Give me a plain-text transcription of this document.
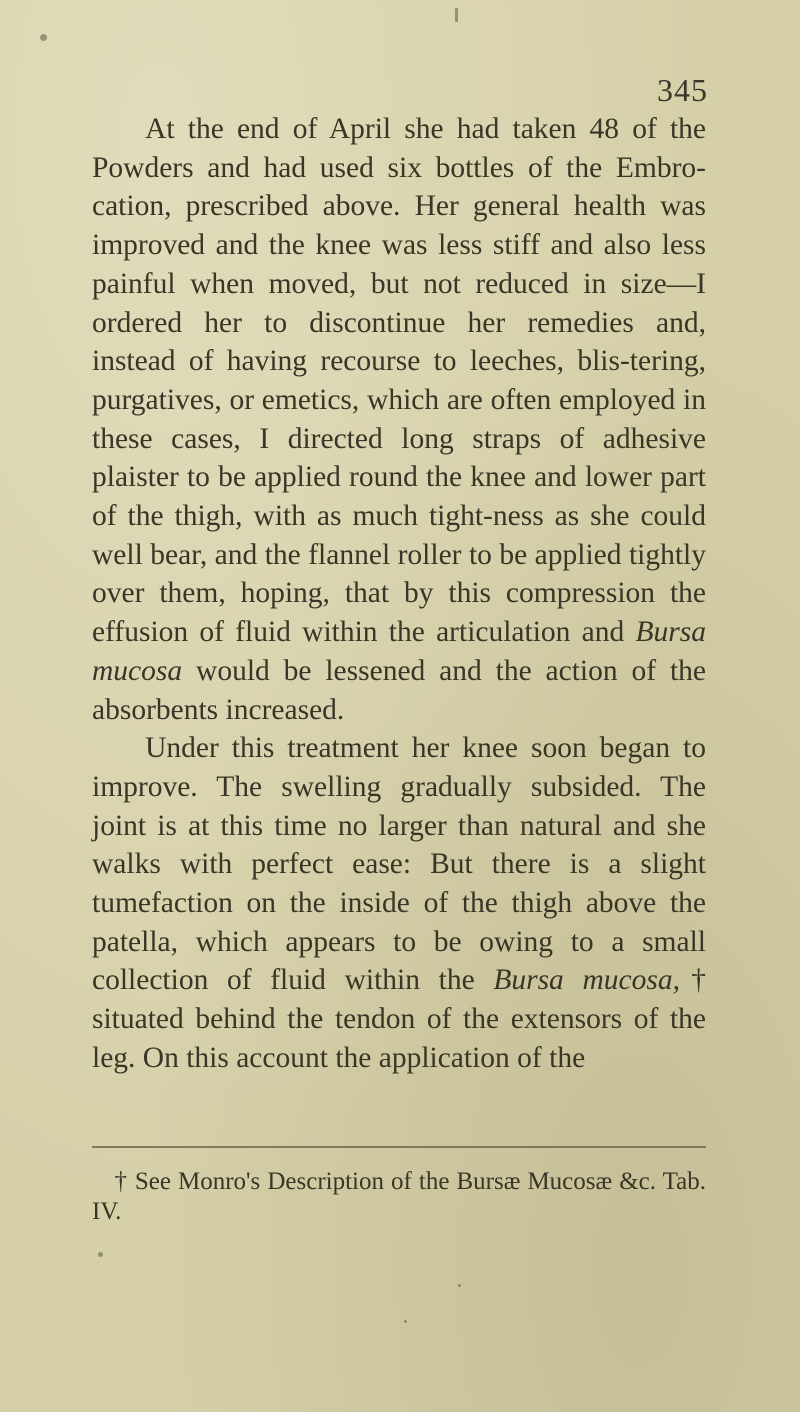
345

At the end of April she had taken 48 of the Powders and had used six bottles of the Embro-cation, prescribed above. Her general health was improved and the knee was less stiff and also less painful when moved, but not reduced in size—I ordered her to discontinue her remedies and, instead of having recourse to leeches, blis-tering, purgatives, or emetics, which are often employed in these cases, I directed long straps of adhesive plaister to be applied round the knee and lower part of the thigh, with as much tight-ness as she could well bear, and the flannel roller to be applied tightly over them, hoping, that by this compression the effusion of fluid within the articulation and Bursa mucosa would be lessened and the action of the absorbents increased.

Under this treatment her knee soon began to improve. The swelling gradually subsided. The joint is at this time no larger than natural and she walks with perfect ease: But there is a slight tumefaction on the inside of the thigh above the patella, which appears to be owing to a small collection of fluid within the Bursa mucosa,† situated behind the tendon of the extensors of the leg. On this account the application of the

† See Monro's Description of the Bursæ Mucosæ &c. Tab. IV.
